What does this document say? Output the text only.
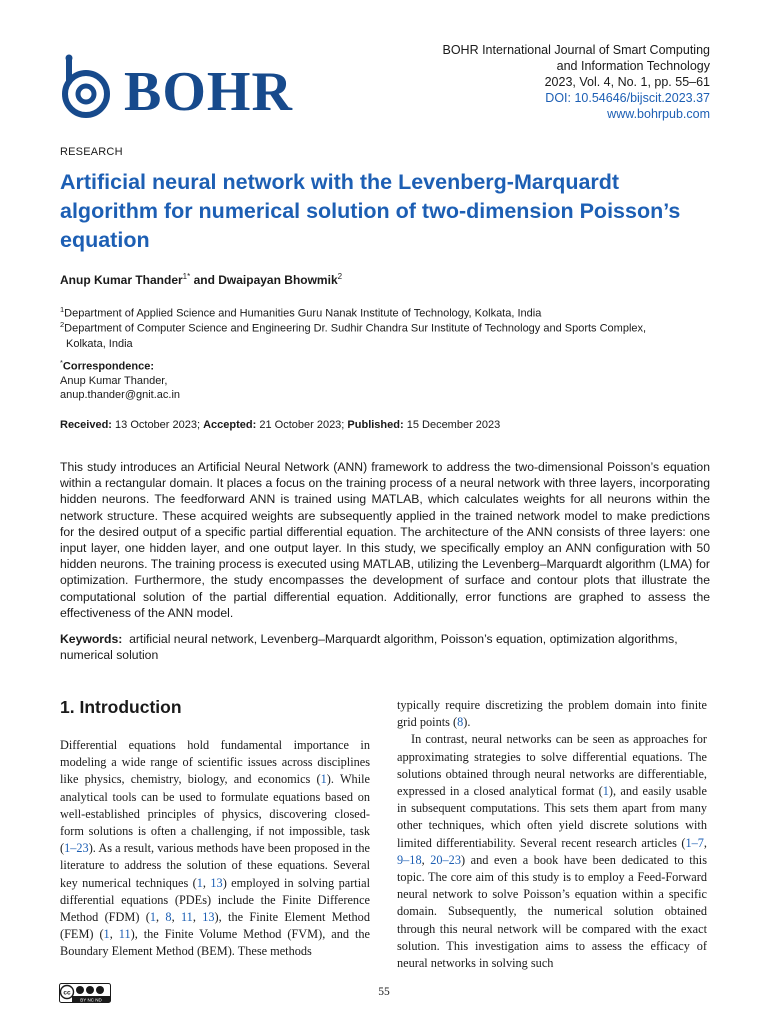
BOHR
BOHR International Journal of Smart Computing
and Information Technology
2023, Vol. 4, No. 1, pp. 55–61
DOI: 10.54646/bijscit.2023.37
www.bohrpub.com
RESEARCH
Artificial neural network with the Levenberg-Marquardt algorithm for numerical solution of two-dimension Poisson’s equation
Anup Kumar Thander$^{1*}$ and Dwaipayan Bhowmik$^2$
$^1$Department of Applied Science and Humanities Guru Nanak Institute of Technology, Kolkata, India
$^2$Department of Computer Science and Engineering Dr. Sudhir Chandra Sur Institute of Technology and Sports Complex,
Kolkata, India
*Correspondence:
Anup Kumar Thander,
anup.thander@gnit.ac.in
Received: 13 October 2023; Accepted: 21 October 2023; Published: 15 December 2023
This study introduces an Artificial Neural Network (ANN) framework to address the two-dimensional Poisson’s equation within a rectangular domain. It places a focus on the training process of a neural network with three layers, incorporating hidden neurons. The feedforward ANN is trained using MATLAB, which calculates weights for all neurons within the network structure. These acquired weights are subsequently applied in the trained network model to make predictions for the desired output of a specific partial differential equation. The architecture of the ANN consists of three layers: one input layer, one hidden layer, and one output layer. In this study, we specifically employ an ANN configuration with 50 hidden neurons. The training process is executed using MATLAB, utilizing the Levenberg–Marquardt algorithm (LMA) for optimization. Furthermore, the study encompasses the development of surface and contour plots that illustrate the computational solution of the partial differential equation. Additionally, error functions are graphed to assess the effectiveness of the ANN model.
Keywords: artificial neural network, Levenberg–Marquardt algorithm, Poisson’s equation, optimization algorithms, numerical solution
1. Introduction

Differential equations hold fundamental importance in modeling a wide range of scientific issues across disciplines like physics, chemistry, biology, and economics (1). While analytical tools can be used to formulate equations based on well-established principles of physics, discovering closed-form solutions is often a challenging, if not impossible, task (1–23). As a result, various methods have been proposed in the literature to address the solution of these equations. Several key numerical techniques (1, 13) employed in solving partial differential equations (PDEs) include the Finite Difference Method (FDM) (1, 8, 11, 13), the Finite Element Method (FEM) (1, 11), the Finite Volume Method (FVM), and the Boundary Element Method (BEM). These methods

typically require discretizing the problem domain into finite grid points (8).

In contrast, neural networks can be seen as approaches for approximating strategies to solve differential equations. The solutions obtained through neural networks are differentiable, expressed in a closed analytical format (1), and easily usable in subsequent computations. This sets them apart from many other techniques, which often yield discrete solutions with limited differentiability. Several recent research articles (1–7, 9–18, 20–23) and even a book have been dedicated to this topic. The core aim of this study is to employ a Feed-Forward neural network to solve Poisson’s equation within a specific domain. Subsequently, the numerical solution obtained through this neural network will be compared with the exact solution. This investigation aims to assess the efficacy of neural networks in solving such

cc
BY NC ND
55
